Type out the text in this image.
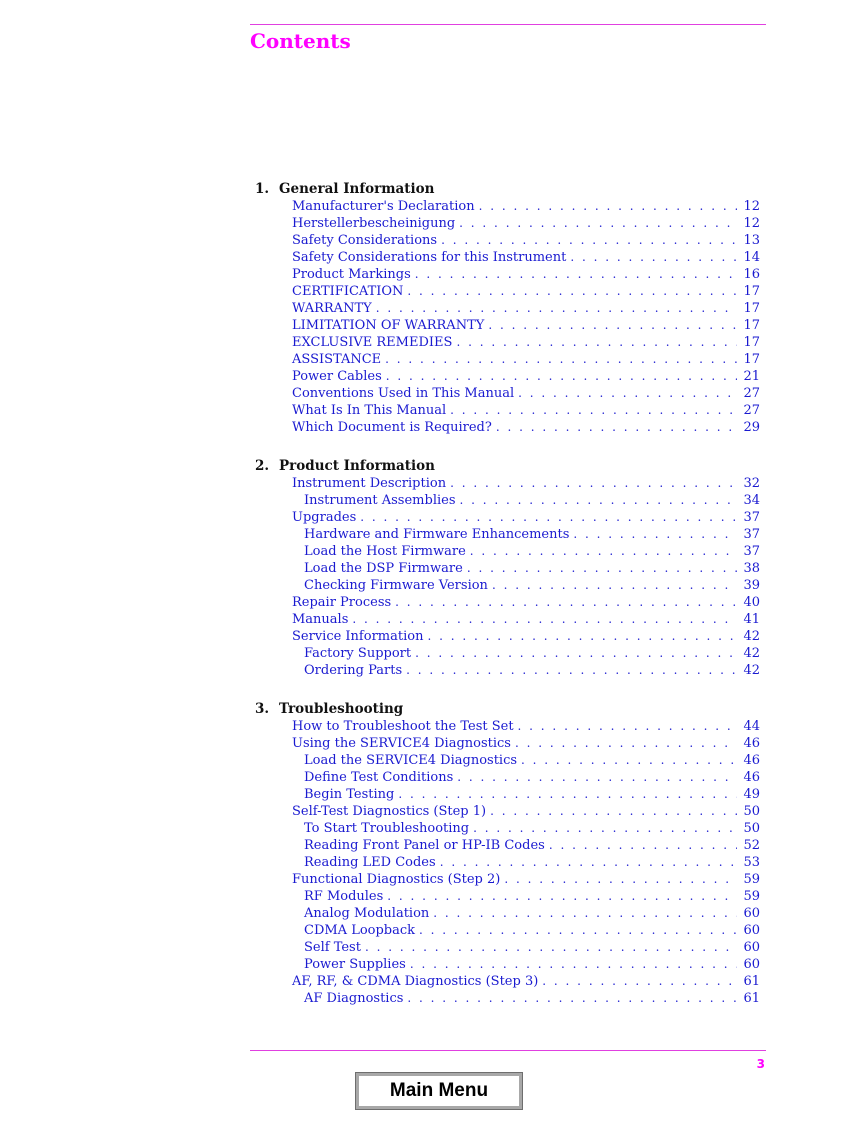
Contents
1. General Information
Manufacturer's Declaration . . .	12
Herstellerbescheinigung . . .	12
Safety Considerations . . .	13
Safety Considerations for this Instrument . . .	14
Product Markings . . .	16
CERTIFICATION . . .	17
WARRANTY . . .	17
LIMITATION OF WARRANTY . . .	17
EXCLUSIVE REMEDIES . . .	17
ASSISTANCE . . .	17
Power Cables . . .	21
Conventions Used in This Manual . . .	27
What Is In This Manual . . .	27
Which Document is Required? . . .	29
2. Product Information
Instrument Description . . .	32
Instrument Assemblies . . .	34
Upgrades . . .	37
Hardware and Firmware Enhancements . . .	37
Load the Host Firmware . . .	37
Load the DSP Firmware . . .	38
Checking Firmware Version . . .	39
Repair Process . . .	40
Manuals . . .	41
Service Information . . .	42
Factory Support . . .	42
Ordering Parts . . .	42
3. Troubleshooting
How to Troubleshoot the Test Set . . .	44
Using the SERVICE4 Diagnostics . . .	46
Load the SERVICE4 Diagnostics . . .	46
Define Test Conditions . . .	46
Begin Testing . . .	49
Self-Test Diagnostics (Step 1) . . .	50
To Start Troubleshooting . . .	50
Reading Front Panel or HP-IB Codes . . .	52
Reading LED Codes . . .	53
Functional Diagnostics (Step 2) . . .	59
RF Modules . . .	59
Analog Modulation . . .	60
CDMA Loopback . . .	60
Self Test . . .	60
Power Supplies . . .	60
AF, RF, & CDMA Diagnostics (Step 3) . . .	61
AF Diagnostics . . .	61
3
Main Menu
